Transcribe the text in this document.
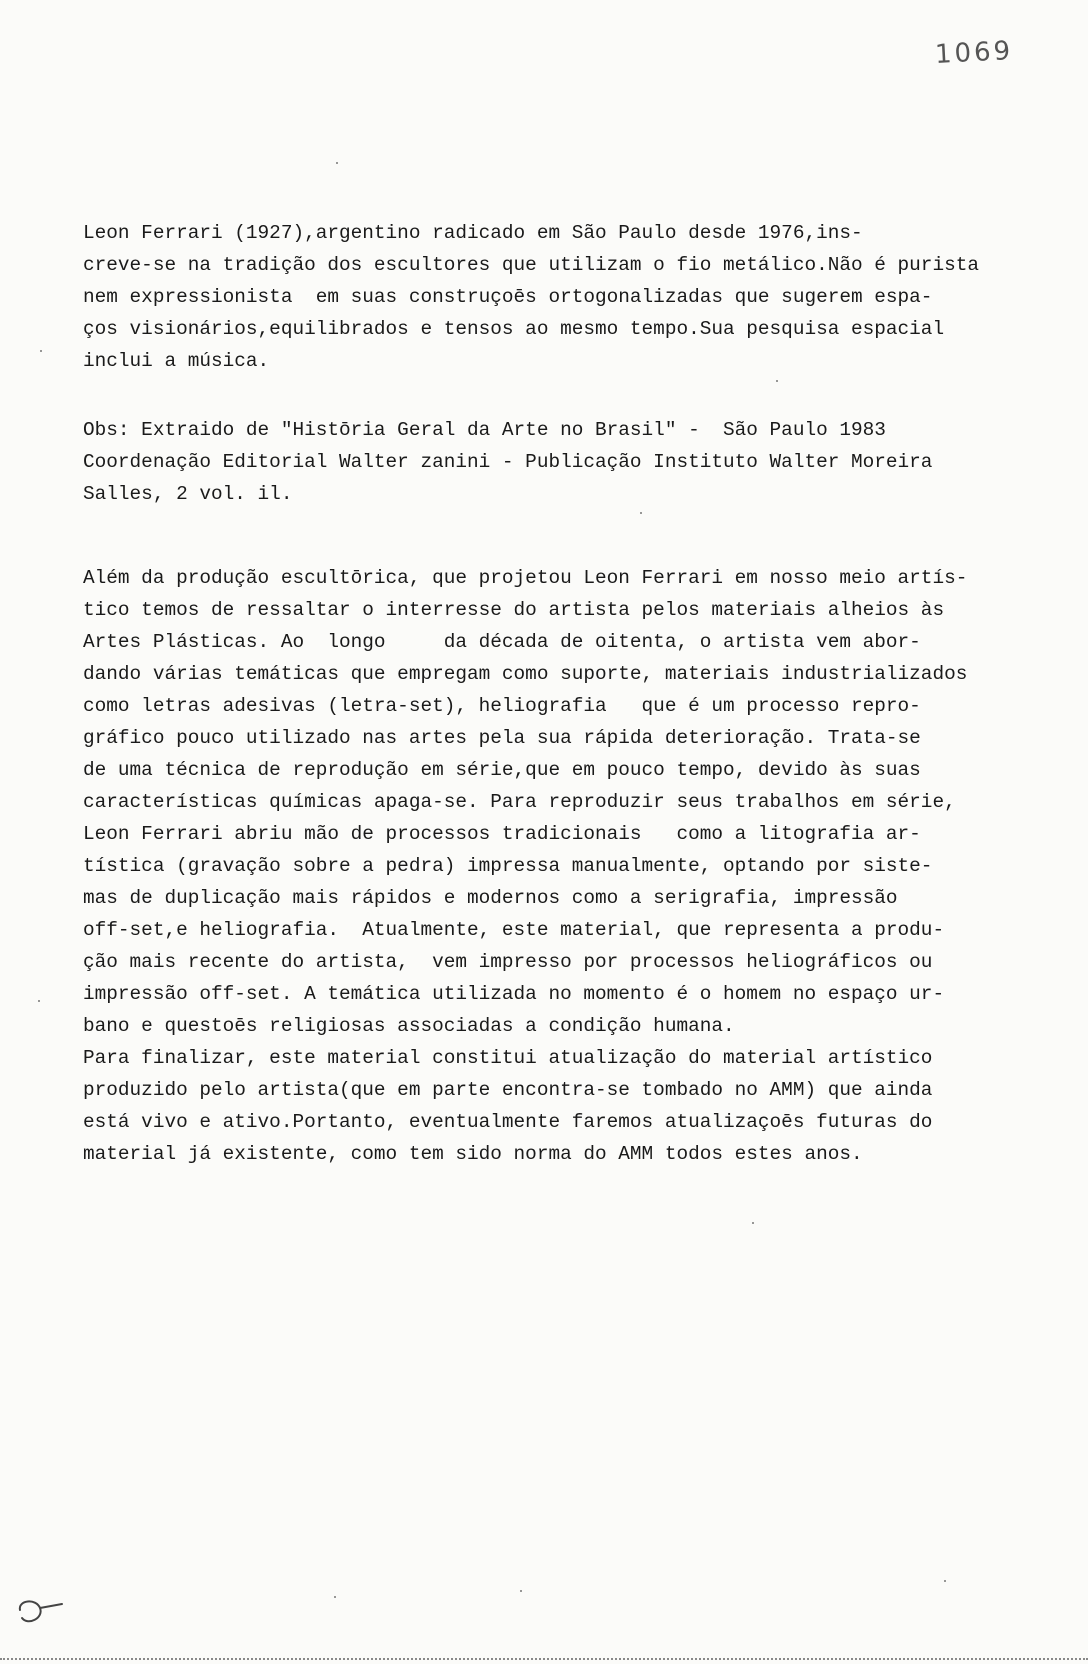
1069
Leon Ferrari (1927),argentino radicado em São Paulo desde 1976,ins-
creve-se na tradição dos escultores que utilizam o fio metálico.Não é purista
nem expressionista  em suas construçoēs ortogonalizadas que sugerem espa-
ços visionários,equilibrados e tensos ao mesmo tempo.Sua pesquisa espacial
inclui a música.
Obs: Extraido de "Histōria Geral da Arte no Brasil" -  São Paulo 1983
Coordenação Editorial Walter zanini - Publicação Instituto Walter Moreira
Salles, 2 vol. il.
Além da produção escultōrica, que projetou Leon Ferrari em nosso meio artís-
tico temos de ressaltar o interresse do artista pelos materiais alheios às
Artes Plásticas. Ao  longo     da década de oitenta, o artista vem abor-
dando várias temáticas que empregam como suporte, materiais industrializados
como letras adesivas (letra-set), heliografia   que é um processo repro-
gráfico pouco utilizado nas artes pela sua rápida deterioração. Trata-se
de uma técnica de reprodução em série,que em pouco tempo, devido às suas
características químicas apaga-se. Para reproduzir seus trabalhos em série,
Leon Ferrari abriu mão de processos tradicionais   como a litografia ar-
tística (gravação sobre a pedra) impressa manualmente, optando por siste-
mas de duplicação mais rápidos e modernos como a serigrafia, impressão
off-set,e heliografia.  Atualmente, este material, que representa a produ-
ção mais recente do artista,  vem impresso por processos heliográficos ou
impressão off-set. A temática utilizada no momento é o homem no espaço ur-
bano e questoēs religiosas associadas a condição humana.
Para finalizar, este material constitui atualização do material artístico
produzido pelo artista(que em parte encontra-se tombado no AMM) que ainda
está vivo e ativo.Portanto, eventualmente faremos atualizaçoēs futuras do
material já existente, como tem sido norma do AMM todos estes anos.
